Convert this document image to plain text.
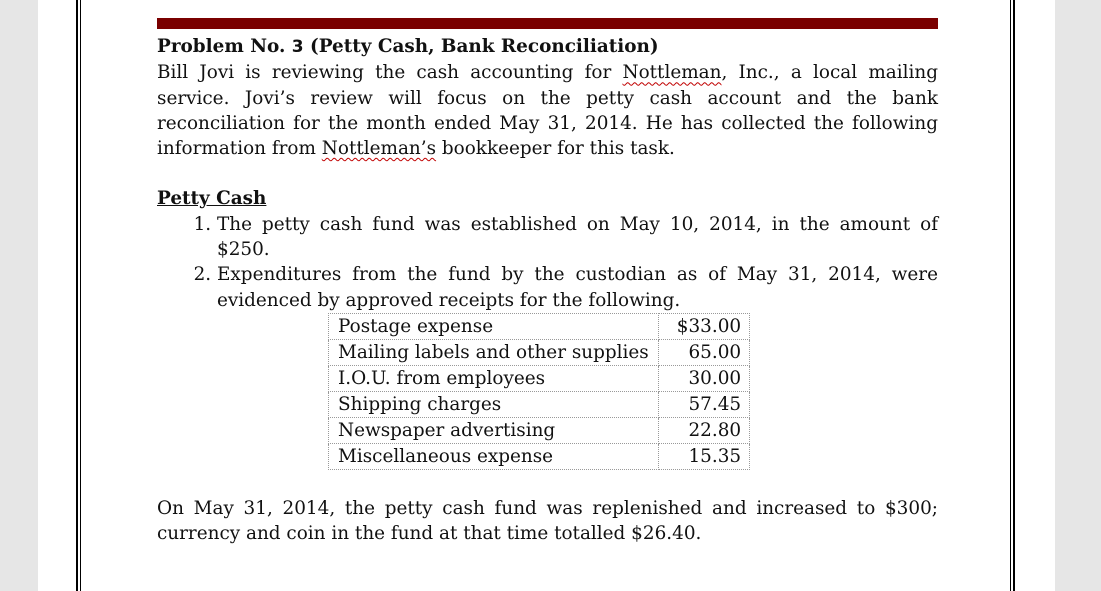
Problem No. 3 (Petty Cash, Bank Reconciliation)

Bill Jovi is reviewing the cash accounting for Nottleman, Inc., a local mailing service. Jovi’s review will focus on the petty cash account and the bank reconciliation for the month ended May 31, 2014. He has collected the following information from Nottleman’s bookkeeper for this task.

Petty Cash
1. The petty cash fund was established on May 10, 2014, in the amount of $250.
2. Expenditures from the fund by the custodian as of May 31, 2014, were evidenced by approved receipts for the following.
Postage expense	$33.00
Mailing labels and other supplies	65.00
I.O.U. from employees	30.00
Shipping charges	57.45
Newspaper advertising	22.80
Miscellaneous expense	15.35

On May 31, 2014, the petty cash fund was replenished and increased to $300; currency and coin in the fund at that time totalled $26.40.
